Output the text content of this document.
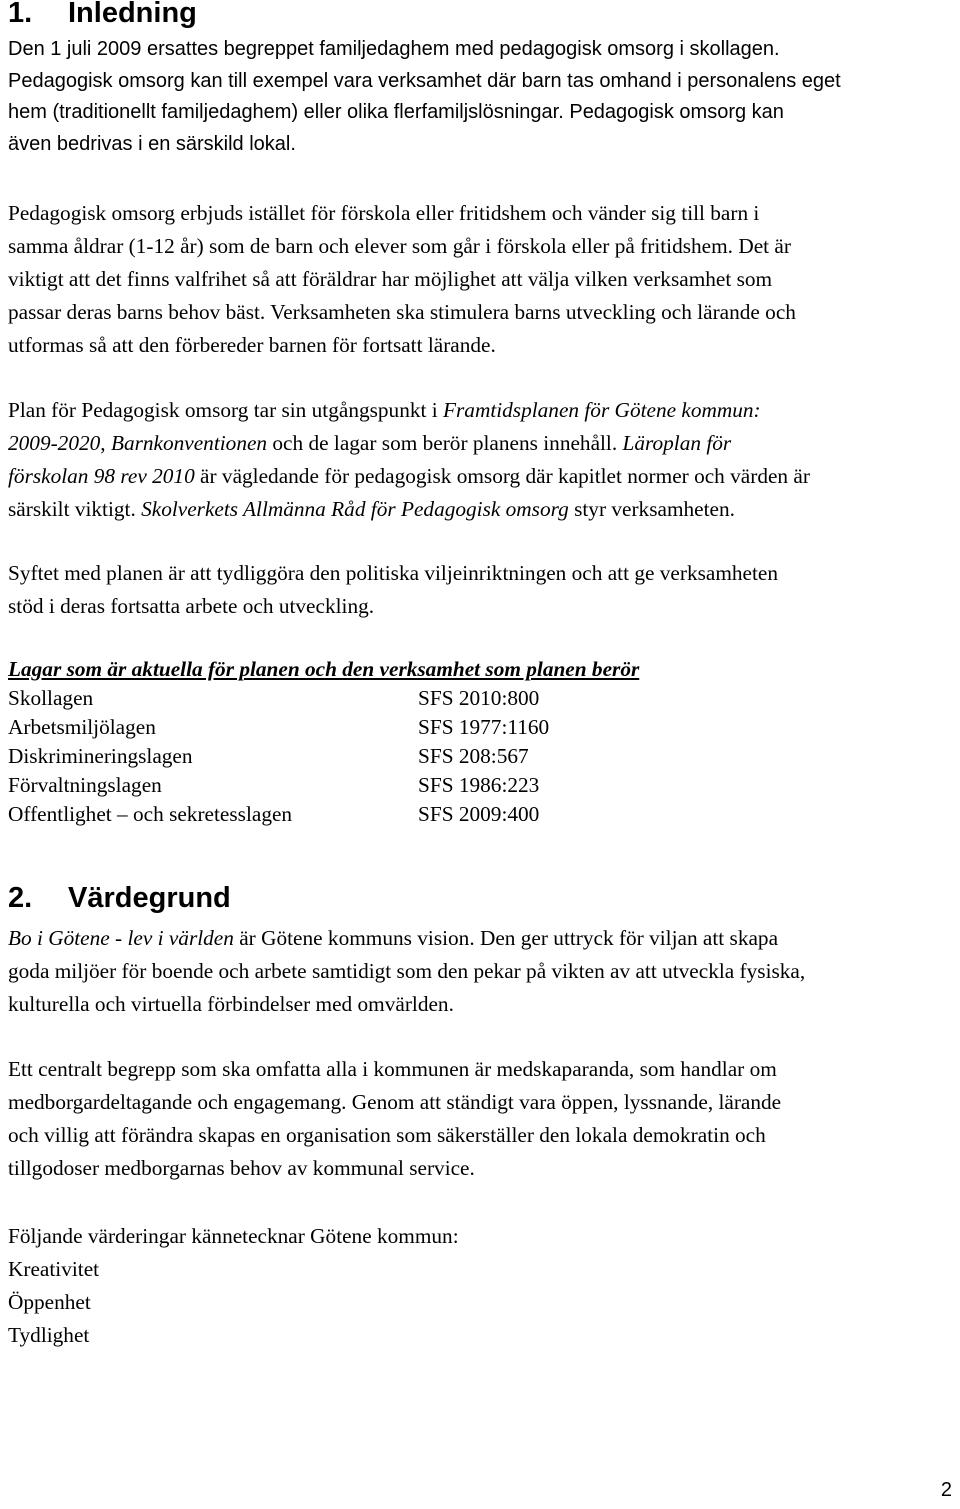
1. Inledning

Den 1 juli 2009 ersattes begreppet familjedaghem med pedagogisk omsorg i skollagen.
Pedagogisk omsorg kan till exempel vara verksamhet där barn tas omhand i personalens eget
hem (traditionellt familjedaghem) eller olika flerfamiljslösningar. Pedagogisk omsorg kan
även bedrivas i en särskild lokal.

Pedagogisk omsorg erbjuds istället för förskola eller fritidshem och vänder sig till barn i
samma åldrar (1-12 år) som de barn och elever som går i förskola eller på fritidshem. Det är
viktigt att det finns valfrihet så att föräldrar har möjlighet att välja vilken verksamhet som
passar deras barns behov bäst. Verksamheten ska stimulera barns utveckling och lärande och
utformas så att den förbereder barnen för fortsatt lärande.

Plan för Pedagogisk omsorg tar sin utgångspunkt i Framtidsplanen för Götene kommun:
2009-2020, Barnkonventionen och de lagar som berör planens innehåll. Läroplan för
förskolan 98 rev 2010 är vägledande för pedagogisk omsorg där kapitlet normer och värden är
särskilt viktigt. Skolverkets Allmänna Råd för Pedagogisk omsorg styr verksamheten.

Syftet med planen är att tydliggöra den politiska viljeinriktningen och att ge verksamheten
stöd i deras fortsatta arbete och utveckling.

Lagar som är aktuella för planen och den verksamhet som planen berör

Skollagen	SFS 2010:800
Arbetsmiljölagen	SFS 1977:1160
Diskrimineringslagen	SFS 208:567
Förvaltningslagen	SFS 1986:223
Offentlighet – och sekretesslagen	SFS 2009:400
2. Värdegrund

Bo i Götene - lev i världen är Götene kommuns vision. Den ger uttryck för viljan att skapa
goda miljöer för boende och arbete samtidigt som den pekar på vikten av att utveckla fysiska,
kulturella och virtuella förbindelser med omvärlden.

Ett centralt begrepp som ska omfatta alla i kommunen är medskaparanda, som handlar om
medborgardeltagande och engagemang. Genom att ständigt vara öppen, lyssnande, lärande
och villig att förändra skapas en organisation som säkerställer den lokala demokratin och
tillgodoser medborgarnas behov av kommunal service.

Följande värderingar kännetecknar Götene kommun:
Kreativitet
Öppenhet
Tydlighet
2
